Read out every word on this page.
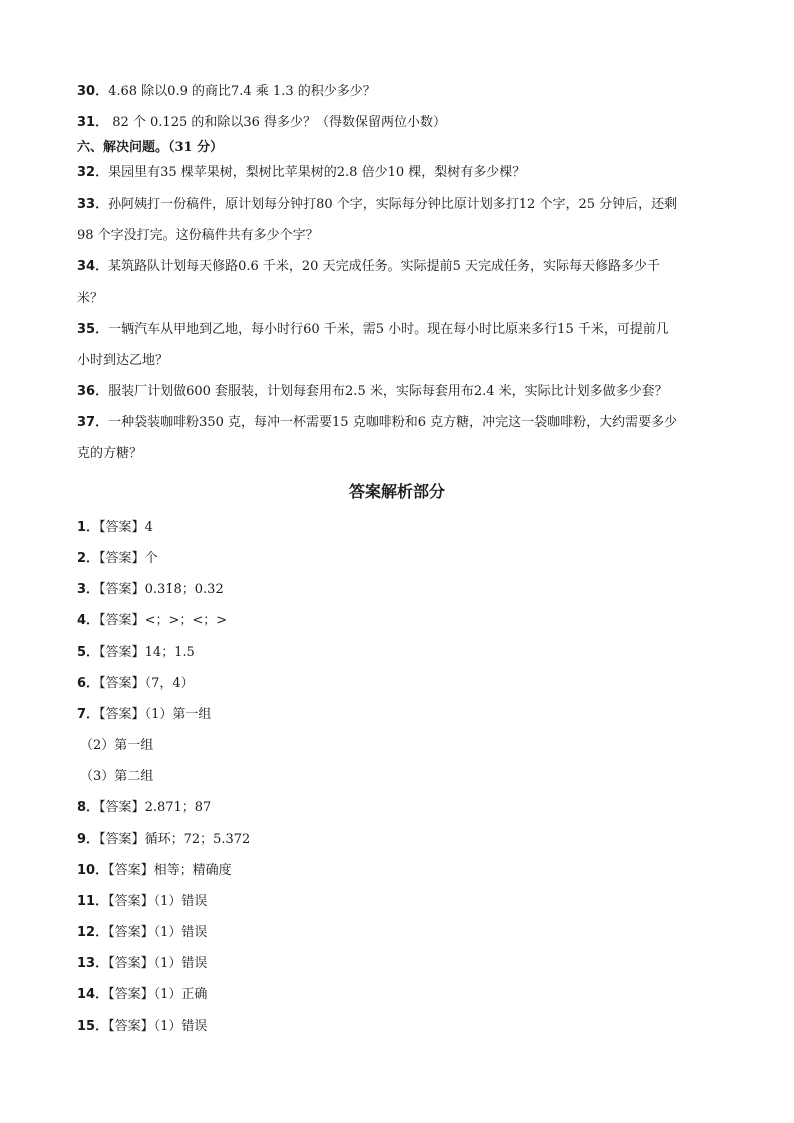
30．4.68 除以0.9 的商比7.4 乘 1.3 的积少多少？
31． 82 个 0.125 的和除以36 得多少？（得数保留两位小数）
六、解决问题。（31 分）
32．果园里有35 棵苹果树，梨树比苹果树的2.8 倍少10 棵，梨树有多少棵？
33．孙阿姨打一份稿件，原计划每分钟打80 个字，实际每分钟比原计划多打12 个字，25 分钟后，还剩
98 个字没打完。这份稿件共有多少个字？
34．某筑路队计划每天修路0.6 千米，20 天完成任务。实际提前5 天完成任务，实际每天修路多少千
米？
35．一辆汽车从甲地到乙地，每小时行60 千米，需5 小时。现在每小时比原来多行15 千米，可提前几
小时到达乙地？
36．服装厂计划做600 套服装，计划每套用布2.5 米，实际每套用布2.4 米，实际比计划多做多少套？
37．一种袋装咖啡粉350 克，每冲一杯需要15 克咖啡粉和6 克方糖，冲完这一袋咖啡粉，大约需要多少
克的方糖？
答案解析部分
1．【答案】4
2．【答案】个
3．【答案】0.31̇8̇；0.32
4．【答案】<；>；<；>
5．【答案】14；1.5
6．【答案】（7，4）
7．【答案】（1）第一组
（2）第一组
（3）第二组
8．【答案】2.871；87
9．【答案】循环；72；5.372
10．【答案】相等；精确度
11．【答案】（1）错误
12．【答案】（1）错误
13．【答案】（1）错误
14．【答案】（1）正确
15．【答案】（1）错误
